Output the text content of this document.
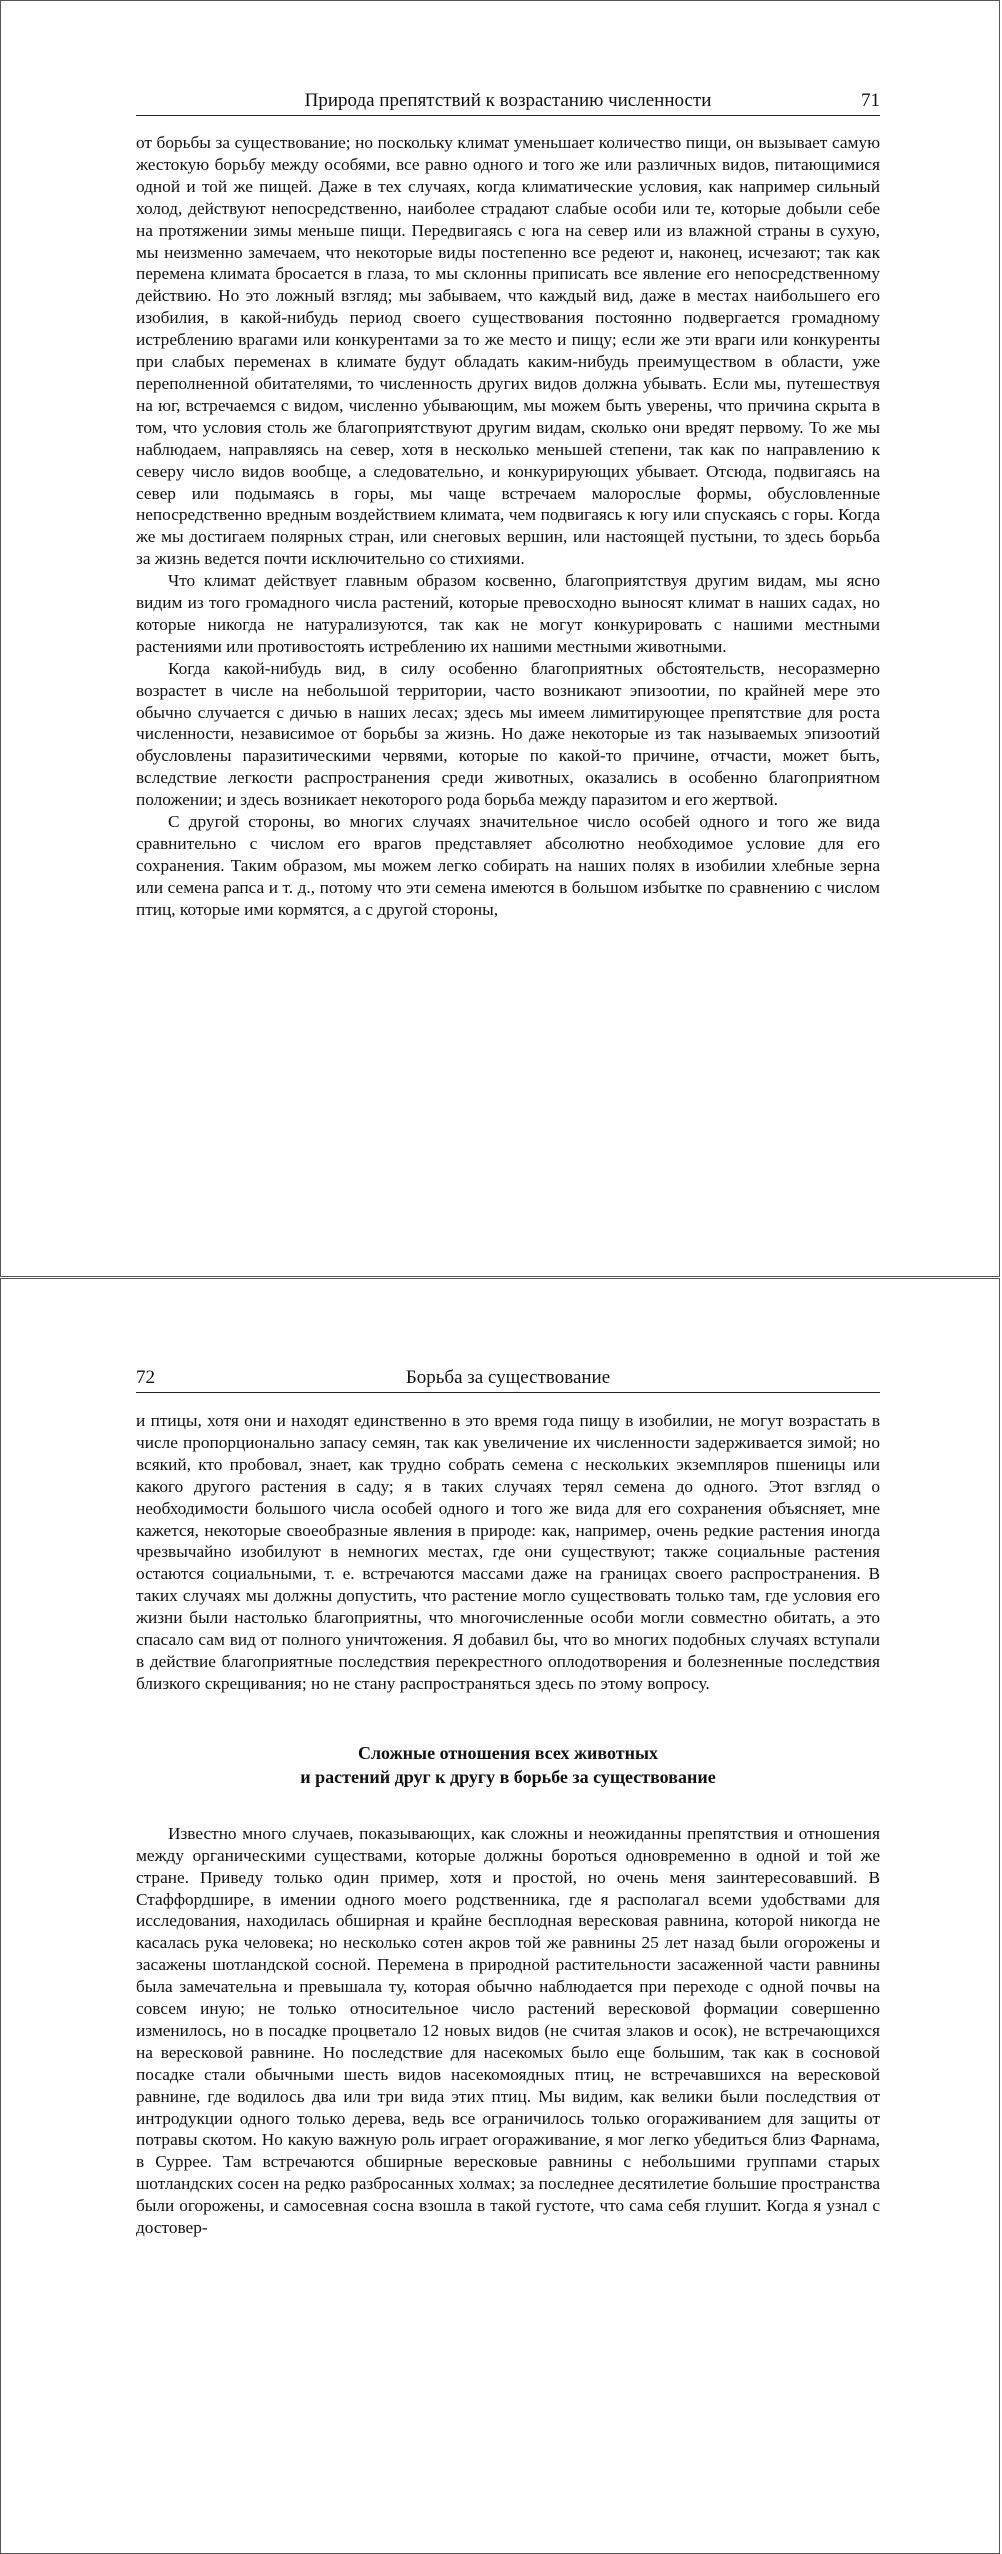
Природа препятствий к возрастанию численности	71

от борьбы за существование; но поскольку климат уменьшает количество пищи, он вызывает самую жестокую борьбу между особями, все равно одного и того же или различных видов, питающимися одной и той же пищей. Даже в тех случаях, когда климатические условия, как например сильный холод, действуют непосредственно, наиболее страдают слабые особи или те, которые добыли себе на протяжении зимы меньше пищи. Передвигаясь с юга на север или из влажной страны в сухую, мы неизменно замечаем, что некоторые виды постепенно все редеют и, наконец, исчезают; так как перемена климата бросается в глаза, то мы склонны приписать все явление его непосредственному действию. Но это ложный взгляд; мы забываем, что каждый вид, даже в местах наибольшего его изобилия, в какой-нибудь период своего существования постоянно подвергается громадному истреблению врагами или конкурентами за то же место и пищу; если же эти враги или конкуренты при слабых переменах в климате будут обладать каким-нибудь преимуществом в области, уже переполненной обитателями, то численность других видов должна убывать. Если мы, путешествуя на юг, встречаемся с видом, численно убывающим, мы можем быть уверены, что причина скрыта в том, что условия столь же благоприятствуют другим видам, сколько они вредят первому. То же мы наблюдаем, направляясь на север, хотя в несколько меньшей степени, так как по направлению к северу число видов вообще, а следовательно, и конкурирующих убывает. Отсюда, подвигаясь на север или подымаясь в горы, мы чаще встречаем малорослые формы, обусловленные непосредственно вредным воздействием климата, чем подвигаясь к югу или спускаясь с горы. Когда же мы достигаем полярных стран, или снеговых вершин, или настоящей пустыни, то здесь борьба за жизнь ведется почти исключительно со стихиями.

Что климат действует главным образом косвенно, благоприятствуя другим видам, мы ясно видим из того громадного числа растений, которые превосходно выносят климат в наших садах, но которые никогда не натурализуются, так как не могут конкурировать с нашими местными растениями или противостоять истреблению их нашими местными животными.

Когда какой-нибудь вид, в силу особенно благоприятных обстоятельств, несоразмерно возрастет в числе на небольшой территории, часто возникают эпизоотии, по крайней мере это обычно случается с дичью в наших лесах; здесь мы имеем лимитирующее препятствие для роста численности, независимое от борьбы за жизнь. Но даже некоторые из так называемых эпизоотий обусловлены паразитическими червями, которые по какой-то причине, отчасти, может быть, вследствие легкости распространения среди животных, оказались в особенно благоприятном положении; и здесь возникает некоторого рода борьба между паразитом и его жертвой.

С другой стороны, во многих случаях значительное число особей одного и того же вида сравнительно с числом его врагов представляет абсолютно необходимое условие для его сохранения. Таким образом, мы можем легко собирать на наших полях в изобилии хлебные зерна или семена рапса и т. д., потому что эти семена имеются в большом избытке по сравнению с числом птиц, которые ими кормятся, а с другой стороны,

72	Борьба за существование

и птицы, хотя они и находят единственно в это время года пищу в изобилии, не могут возрастать в числе пропорционально запасу семян, так как увеличение их численности задерживается зимой; но всякий, кто пробовал, знает, как трудно собрать семена с нескольких экземпляров пшеницы или какого другого растения в саду; я в таких случаях терял семена до одного. Этот взгляд о необходимости большого числа особей одного и того же вида для его сохранения объясняет, мне кажется, некоторые своеобразные явления в природе: как, например, очень редкие растения иногда чрезвычайно изобилуют в немногих местах, где они существуют; также социальные растения остаются социальными, т. е. встречаются массами даже на границах своего распространения. В таких случаях мы должны допустить, что растение могло существовать только там, где условия его жизни были настолько благоприятны, что многочисленные особи могли совместно обитать, а это спасало сам вид от полного уничтожения. Я добавил бы, что во многих подобных случаях вступали в действие благоприятные последствия перекрестного оплодотворения и болезненные последствия близкого скрещивания; но не стану распространяться здесь по этому вопросу.

Сложные отношения всех животных
и растений друг к другу в борьбе за существование

Известно много случаев, показывающих, как сложны и неожиданны препятствия и отношения между органическими существами, которые должны бороться одновременно в одной и той же стране. Приведу только один пример, хотя и простой, но очень меня заинтересовавший. В Стаффордшире, в имении одного моего родственника, где я располагал всеми удобствами для исследования, находилась обширная и крайне бесплодная вересковая равнина, которой никогда не касалась рука человека; но несколько сотен акров той же равнины 25 лет назад были огорожены и засажены шотландской сосной. Перемена в природной растительности засаженной части равнины была замечательна и превышала ту, которая обычно наблюдается при переходе с одной почвы на совсем иную; не только относительное число растений вересковой формации совершенно изменилось, но в посадке процветало 12 новых видов (не считая злаков и осок), не встречающихся на вересковой равнине. Но последствие для насекомых было еще большим, так как в сосновой посадке стали обычными шесть видов насекомоядных птиц, не встречавшихся на вересковой равнине, где водилось два или три вида этих птиц. Мы видим, как велики были последствия от интродукции одного только дерева, ведь все ограничилось только огораживанием для защиты от потравы скотом. Но какую важную роль играет огораживание, я мог легко убедиться близ Фарнама, в Суррее. Там встречаются обширные вересковые равнины с небольшими группами старых шотландских сосен на редко разбросанных холмах; за последнее десятилетие большие пространства были огорожены, и самосевная сосна взошла в такой густоте, что сама себя глушит. Когда я узнал с достовер-
